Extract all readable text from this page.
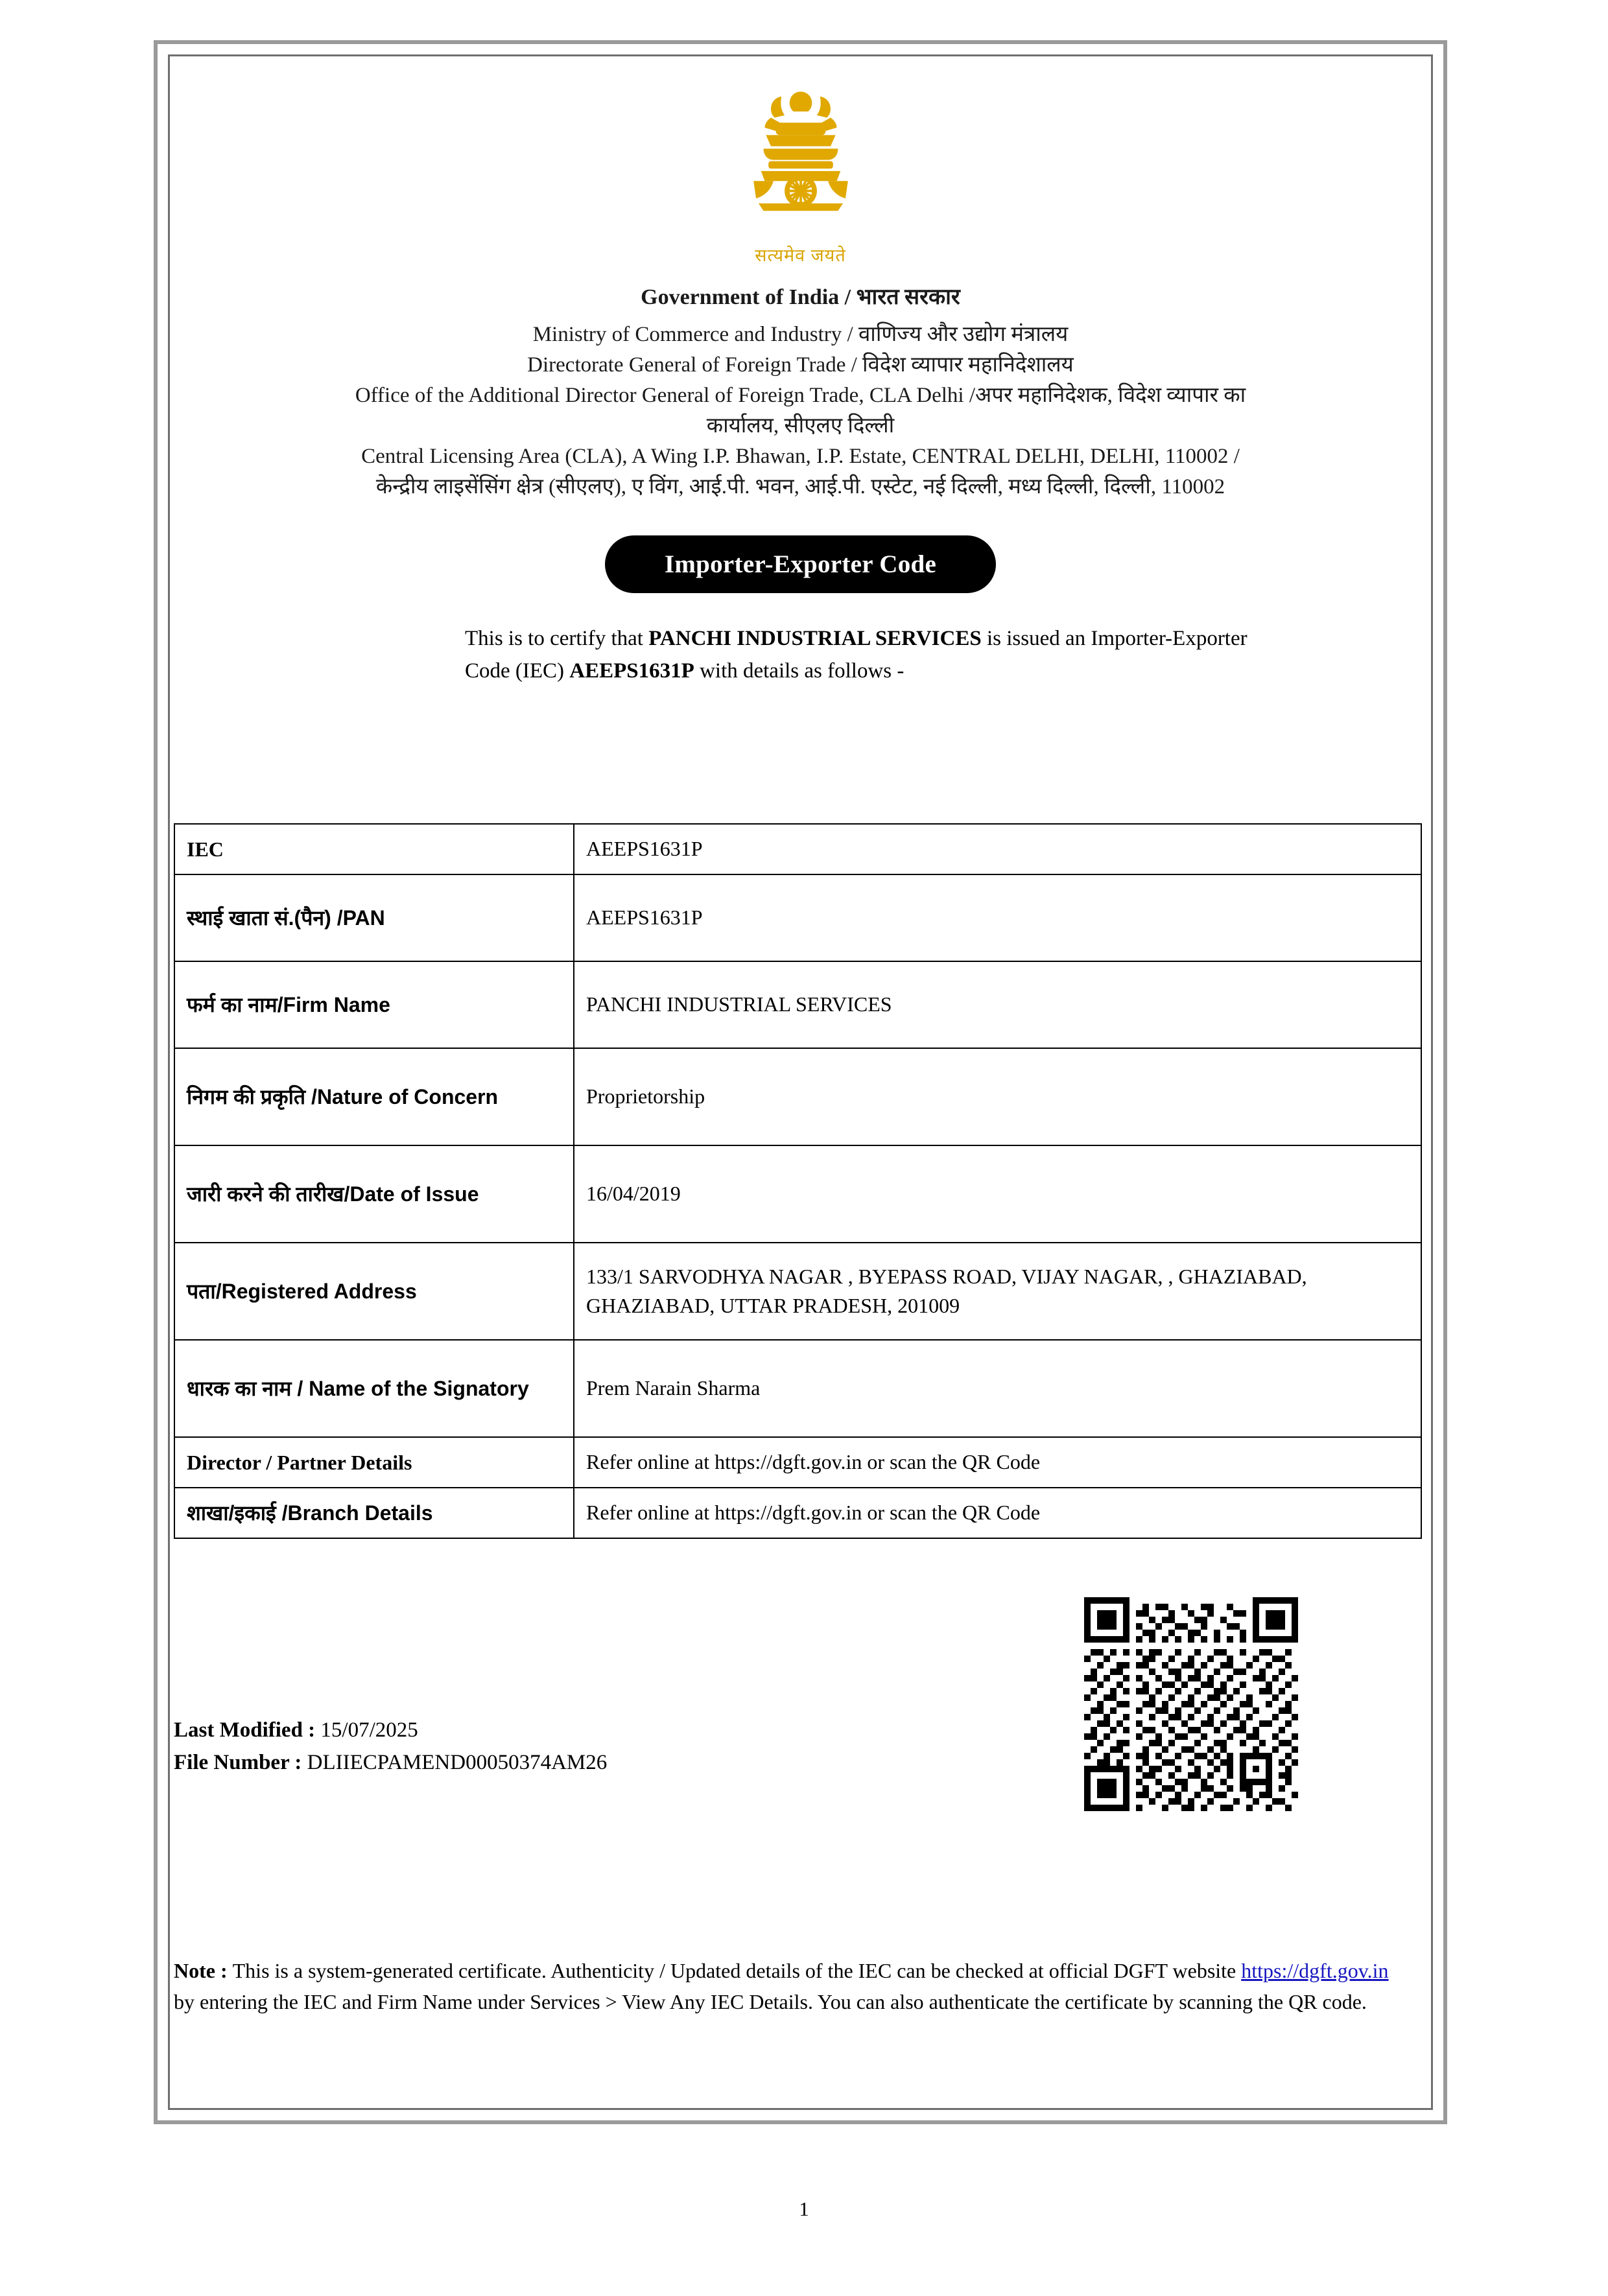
सत्यमेव जयते
Government of India / भारत सरकार
Ministry of Commerce and Industry / वाणिज्य और उद्योग मंत्रालय
Directorate General of Foreign Trade / विदेश व्यापार महानिदेशालय
Office of the Additional Director General of Foreign Trade, CLA Delhi /अपर महानिदेशक, विदेश व्यापार का
कार्यालय, सीएलए दिल्ली
Central Licensing Area (CLA), A Wing I.P. Bhawan, I.P. Estate, CENTRAL DELHI, DELHI, 110002 /
केन्द्रीय लाइसेंसिंग क्षेत्र (सीएलए), ए विंग, आई.पी. भवन, आई.पी. एस्टेट, नई दिल्ली, मध्य दिल्ली, दिल्ली, 110002
Importer-Exporter Code
This is to certify that PANCHI INDUSTRIAL SERVICES is issued an Importer-Exporter Code (IEC) AEEPS1631P with details as follows -
IEC	AEEPS1631P
स्थाई खाता सं.(पैन) /PAN	AEEPS1631P
फर्म का नाम/Firm Name	PANCHI INDUSTRIAL SERVICES
निगम की प्रकृति /Nature of Concern	Proprietorship
जारी करने की तारीख/Date of Issue	16/04/2019
पता/Registered Address	133/1 SARVODHYA NAGAR , BYEPASS ROAD, VIJAY NAGAR, , GHAZIABAD, GHAZIABAD, UTTAR PRADESH, 201009
धारक का नाम / Name of the Signatory	Prem Narain Sharma
Director / Partner Details	Refer online at https://dgft.gov.in or scan the QR Code
शाखा/इकाई /Branch Details	Refer online at https://dgft.gov.in or scan the QR Code
Last Modified : 15/07/2025
File Number : DLIIECPAMEND00050374AM26
Note : This is a system-generated certificate. Authenticity / Updated details of the IEC can be checked at official DGFT website https://dgft.gov.in by entering the IEC and Firm Name under Services > View Any IEC Details. You can also authenticate the certificate by scanning the QR code.
1
